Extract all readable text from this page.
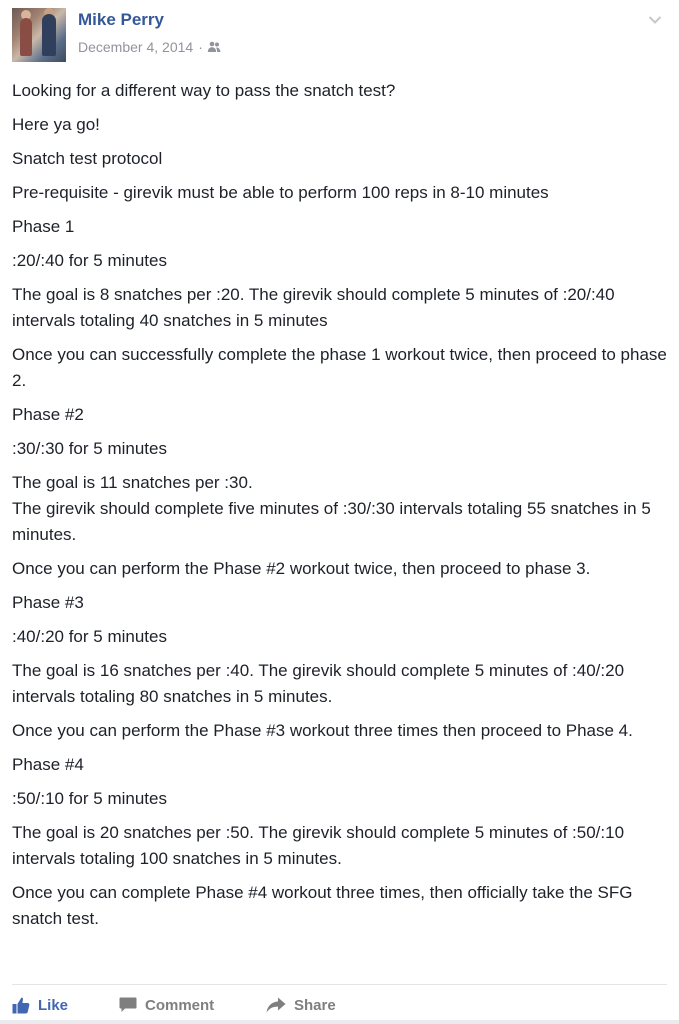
Mike Perry
December 4, 2014 ·

Looking for a different way to pass the snatch test?

Here ya go!

Snatch test protocol

Pre-requisite - girevik must be able to perform 100 reps in 8-10 minutes

Phase 1

:20/:40 for 5 minutes

The goal is 8 snatches per :20. The girevik should complete 5 minutes of :20/:40 intervals totaling 40 snatches in 5 minutes

Once you can successfully complete the phase 1 workout twice, then proceed to phase 2.

Phase #2

:30/:30 for 5 minutes

The goal is 11 snatches per :30.
The girevik should complete five minutes of :30/:30 intervals totaling 55 snatches in 5 minutes.

Once you can perform the Phase #2 workout twice, then proceed to phase 3.

Phase #3

:40/:20 for 5 minutes

The goal is 16 snatches per :40. The girevik should complete 5 minutes of :40/:20 intervals totaling 80 snatches in 5 minutes.

Once you can perform the Phase #3 workout three times then proceed to Phase 4.

Phase #4

:50/:10 for 5 minutes

The goal is 20 snatches per :50. The girevik should complete 5 minutes of :50/:10 intervals totaling 100 snatches in 5 minutes.

Once you can complete Phase #4 workout three times, then officially take the SFG snatch test.

Like	Comment	Share
